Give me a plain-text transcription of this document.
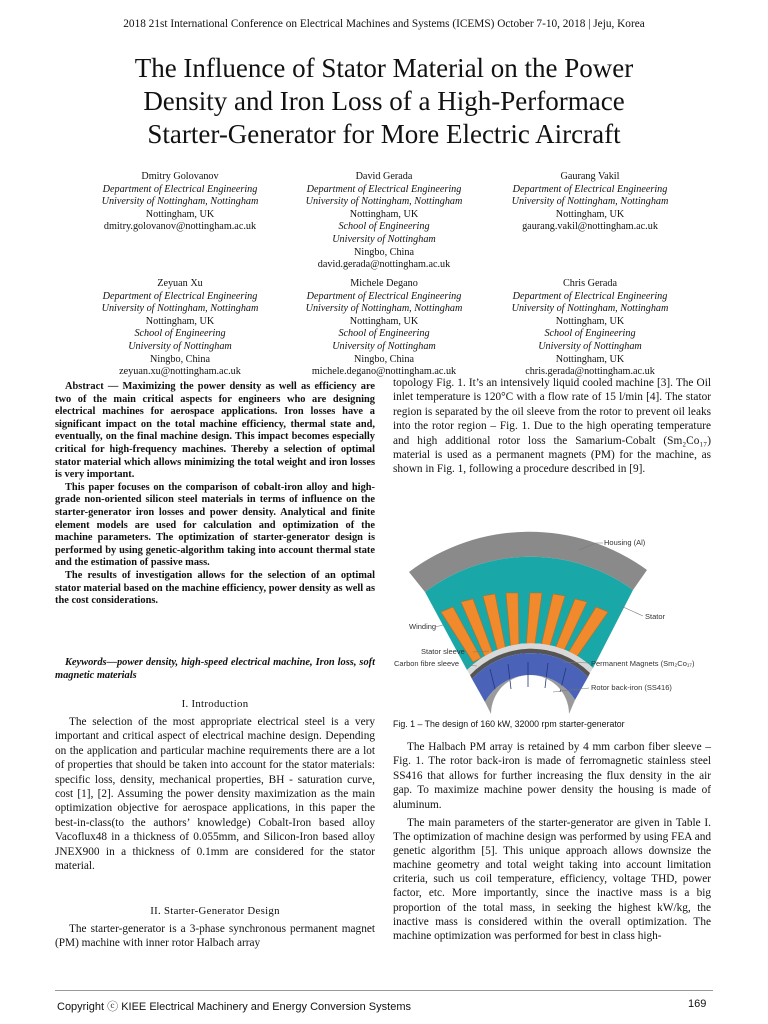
2018 21st International Conference on Electrical Machines and Systems (ICEMS) October 7-10, 2018 | Jeju, Korea
The Influence of Stator Material on the Power
Density and Iron Loss of a High-Performace
Starter-Generator for More Electric Aircraft
Dmitry Golovanov
Department of Electrical Engineering
University of Nottingham, Nottingham
Nottingham, UK
dmitry.golovanov@nottingham.ac.uk
David Gerada
Department of Electrical Engineering
University of Nottingham, Nottingham
Nottingham, UK
School of Engineering
University of Nottingham
Ningbo, China
david.gerada@nottingham.ac.uk
Gaurang Vakil
Department of Electrical Engineering
University of Nottingham, Nottingham
Nottingham, UK
gaurang.vakil@nottingham.ac.uk
Zeyuan Xu
Department of Electrical Engineering
University of Nottingham, Nottingham
Nottingham, UK
School of Engineering
University of Nottingham
Ningbo, China
zeyuan.xu@nottingham.ac.uk
Michele Degano
Department of Electrical Engineering
University of Nottingham, Nottingham
Nottingham, UK
School of Engineering
University of Nottingham
Ningbo, China
michele.degano@nottingham.ac.uk
Chris Gerada
Department of Electrical Engineering
University of Nottingham, Nottingham
Nottingham, UK
School of Engineering
University of Nottingham
Nottingham, UK
chris.gerada@nottingham.ac.uk

Abstract — Maximizing the power density as well as efficiency are two of the main critical aspects for engineers who are designing electrical machines for aerospace applications. Iron losses have a significant impact on the total machine efficiency, thermal state and, eventually, on the final machine design. This impact becomes especially critical for high-frequency machines. Thereby a selection of optimal stator material which allows minimizing the total weight and iron losses is very important.

This paper focuses on the comparison of cobalt-iron alloy and high-grade non-oriented silicon steel materials in terms of influence on the starter-generator iron losses and power density. Analytical and finite element models are used for calculation and optimization of the machine parameters. The optimization of starter-generator design is performed by using genetic-algorithm taking into account thermal state and the estimation of passive mass.

The results of investigation allows for the selection of an optimal stator material based on the machine efficiency, power density as well as the cost considerations.

Keywords—power density, high-speed electrical machine, Iron loss, soft magnetic materials
I. Introduction

The selection of the most appropriate electrical steel is a very important and critical aspect of electrical machine design. Depending on the application and particular machine requirements there are a lot of properties that should be taken into account for the stator materials: specific loss, density, mechanical properties, BH - saturation curve, cost [1], [2]. Assuming the power density maximization as the main optimization objective for aerospace applications, in this paper the best-in-class(to the authors’ knowledge) Cobalt-Iron based alloy Vacoflux48 in a thickness of 0.055mm, and Silicon-Iron based alloy JNEX900 in a thickness of 0.1mm are considered for the stator material.

II. Starter-Generator Design

The starter-generator is a 3-phase synchronous permanent magnet (PM) machine with inner rotor Halbach array

topology Fig. 1. It’s an intensively liquid cooled machine [3]. The Oil inlet temperature is 120°C with a flow rate of 15 l/min [4]. The stator region is separated by the oil sleeve from the rotor to prevent oil leaks into the rotor region – Fig. 1. Due to the high operating temperature and high additional rotor loss the Samarium-Cobalt (Sm₂Co₁₇) material is used as a permanent magnets (PM) for the machine, as shown in Fig. 1, following a procedure described in [9].

Housing (Al)
Stator
Winding
Stator sleeve
Carbon fibre sleeve	Permanent Magnets (Sm₂Co₁₇)
Rotor back-iron (SS416)
Fig. 1 – The design of 160 kW, 32000 rpm starter-generator

The Halbach PM array is retained by 4 mm carbon fiber sleeve – Fig. 1. The rotor back-iron is made of ferromagnetic stainless steel SS416 that allows for further increasing the flux density in the air gap. To maximize machine power density the housing is made of aluminum.

The main parameters of the starter-generator are given in Table I. The optimization of machine design was performed by using FEA and genetic algorithm [5]. This unique approach allows downsize the machine geometry and total weight taking into account limitation criteria, such us coil temperature, efficiency, voltage THD, power factor, etc. More importantly, since the inactive mass is a big proportion of the total mass, in seeking the highest kW/kg, the inactive mass is considered within the overall optimization. The machine optimization was performed for best in class high-

Copyright ⓒ KIEE Electrical Machinery and Energy Conversion Systems	169
